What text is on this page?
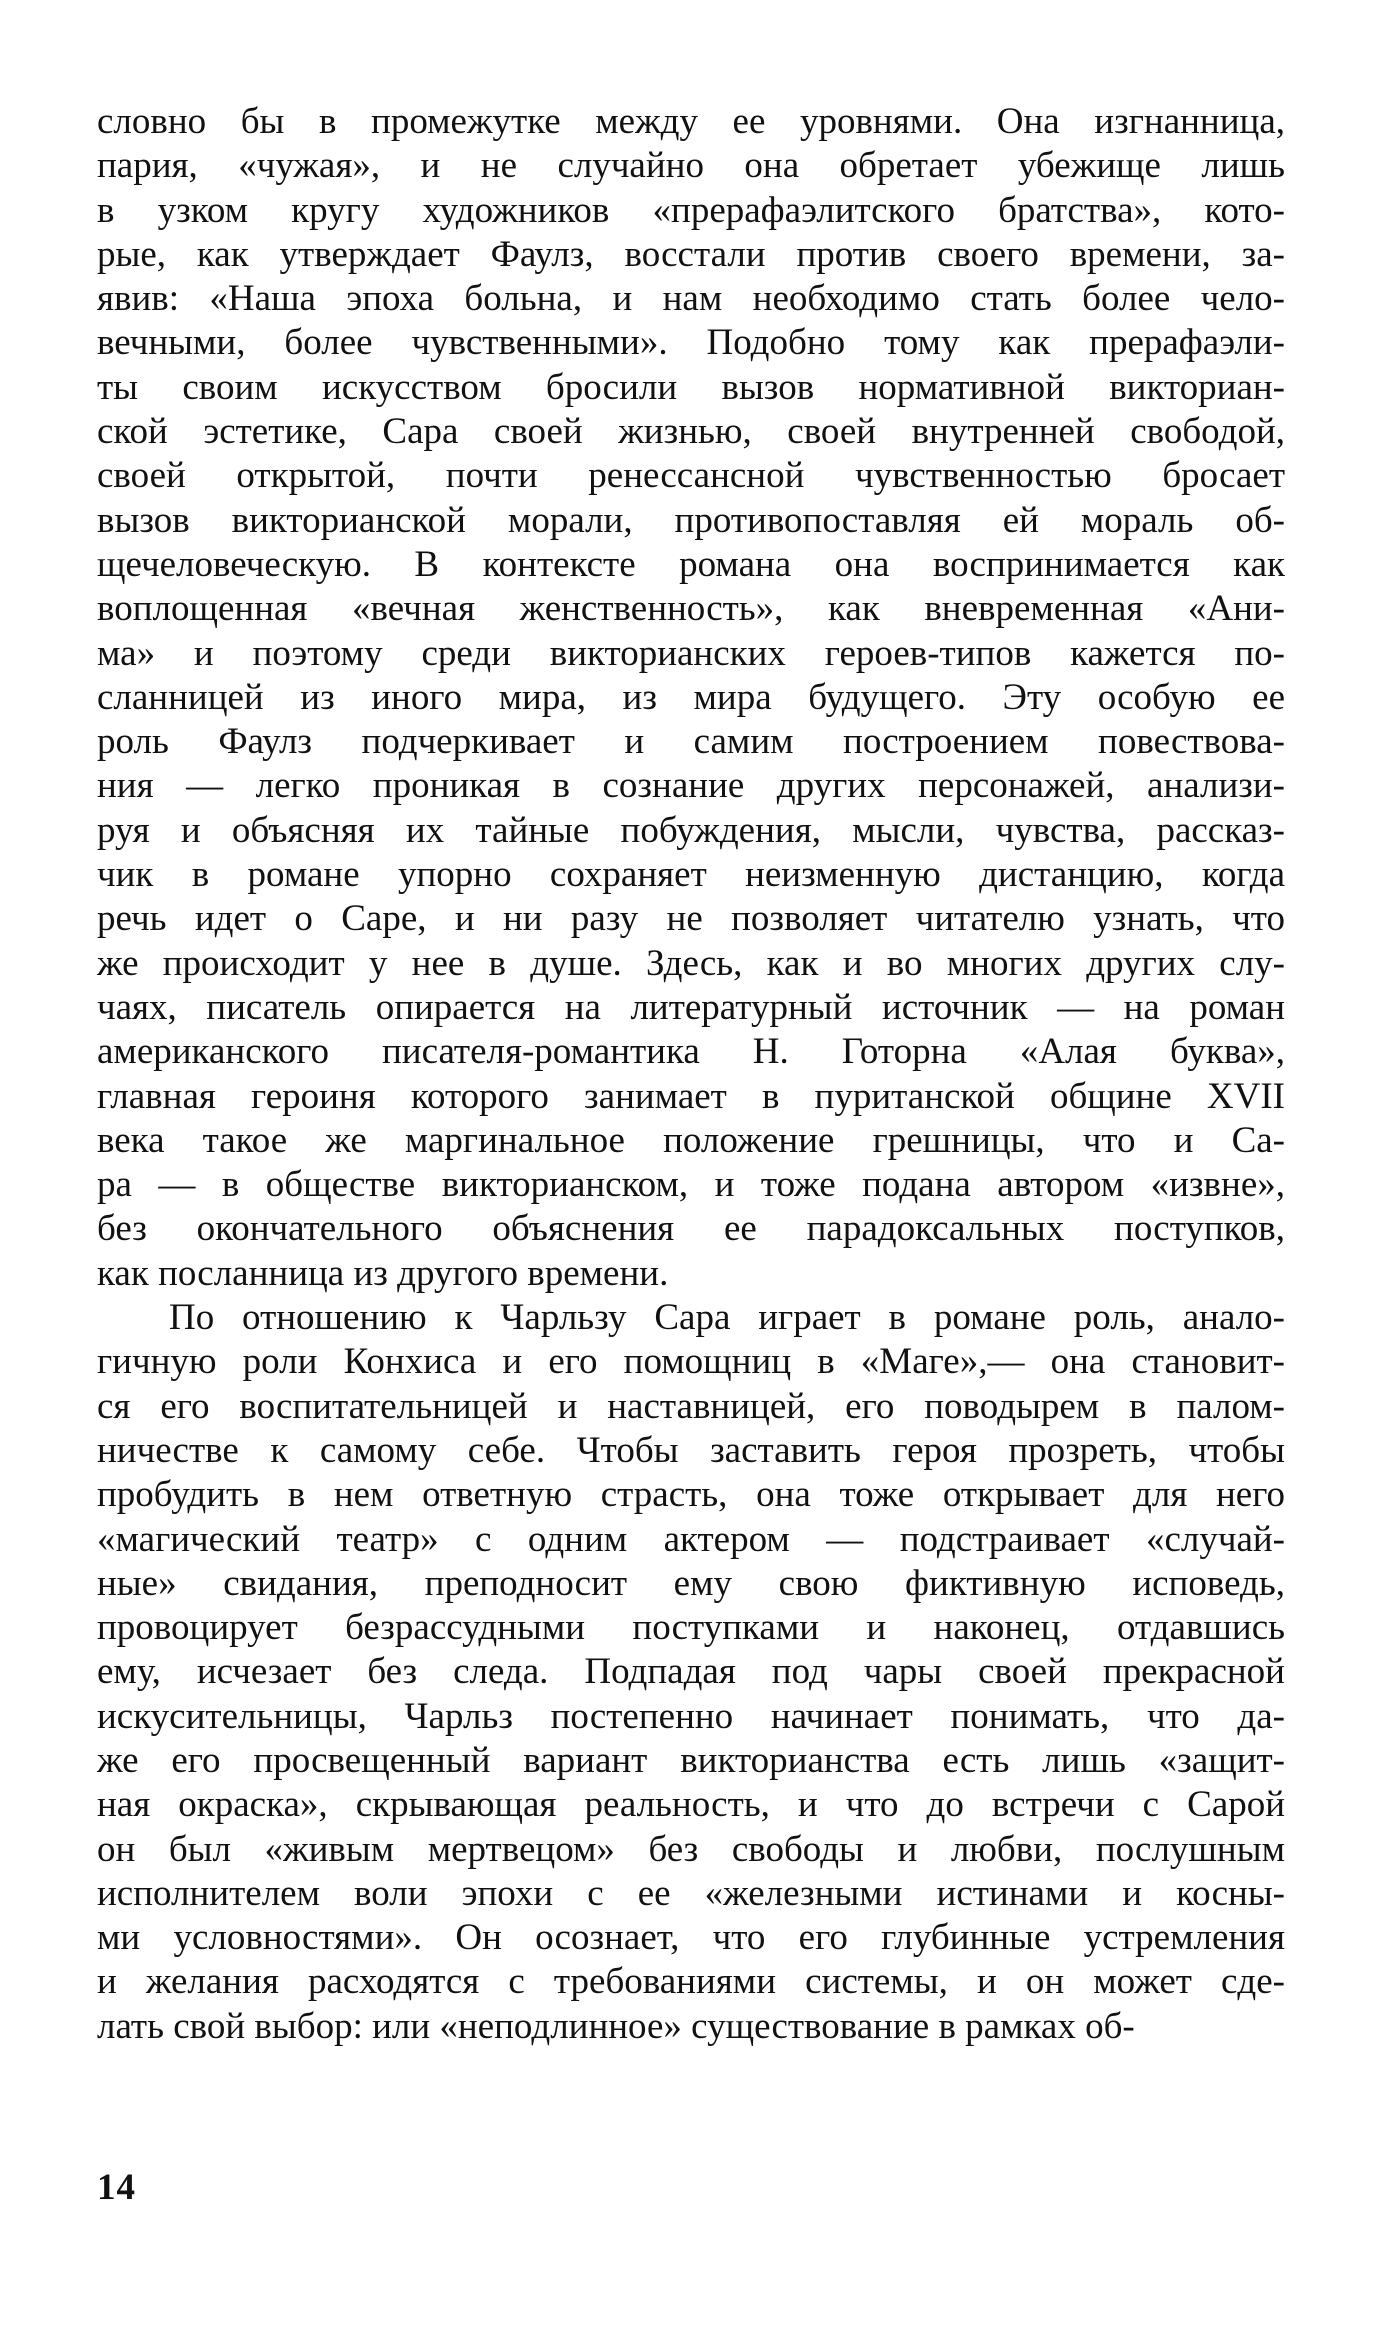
словно бы в промежутке между ее уровнями. Она изгнанница,
пария, «чужая», и не случайно она обретает убежище лишь
в узком кругу художников «прерафаэлитского братства», кото-
рые, как утверждает Фаулз, восстали против своего времени, за-
явив: «Наша эпоха больна, и нам необходимо стать более чело-
вечными, более чувственными». Подобно тому как прерафаэли-
ты своим искусством бросили вызов нормативной викториан-
ской эстетике, Сара своей жизнью, своей внутренней свободой,
своей открытой, почти ренессансной чувственностью бросает
вызов викторианской морали, противопоставляя ей мораль об-
щечеловеческую. В контексте романа она воспринимается как
воплощенная «вечная женственность», как вневременная «Ани-
ма» и поэтому среди викторианских героев-типов кажется по-
сланницей из иного мира, из мира будущего. Эту особую ее
роль Фаулз подчеркивает и самим построением повествова-
ния — легко проникая в сознание других персонажей, анализи-
руя и объясняя их тайные побуждения, мысли, чувства, рассказ-
чик в романе упорно сохраняет неизменную дистанцию, когда
речь идет о Саре, и ни разу не позволяет читателю узнать, что
же происходит у нее в душе. Здесь, как и во многих других слу-
чаях, писатель опирается на литературный источник — на роман
американского писателя-романтика Н. Готорна «Алая буква»,
главная героиня которого занимает в пуританской общине XVII
века такое же маргинальное положение грешницы, что и Са-
ра — в обществе викторианском, и тоже подана автором «извне»,
без окончательного объяснения ее парадоксальных поступков,
как посланница из другого времени.
По отношению к Чарльзу Сара играет в романе роль, анало-
гичную роли Конхиса и его помощниц в «Маге»,— она становит-
ся его воспитательницей и наставницей, его поводырем в палом-
ничестве к самому себе. Чтобы заставить героя прозреть, чтобы
пробудить в нем ответную страсть, она тоже открывает для него
«магический театр» с одним актером — подстраивает «случай-
ные» свидания, преподносит ему свою фиктивную исповедь,
провоцирует безрассудными поступками и наконец, отдавшись
ему, исчезает без следа. Подпадая под чары своей прекрасной
искусительницы, Чарльз постепенно начинает понимать, что да-
же его просвещенный вариант викторианства есть лишь «защит-
ная окраска», скрывающая реальность, и что до встречи с Сарой
он был «живым мертвецом» без свободы и любви, послушным
исполнителем воли эпохи с ее «железными истинами и косны-
ми условностями». Он осознает, что его глубинные устремления
и желания расходятся с требованиями системы, и он может сде-
лать свой выбор: или «неподлинное» существование в рамках об-
14
